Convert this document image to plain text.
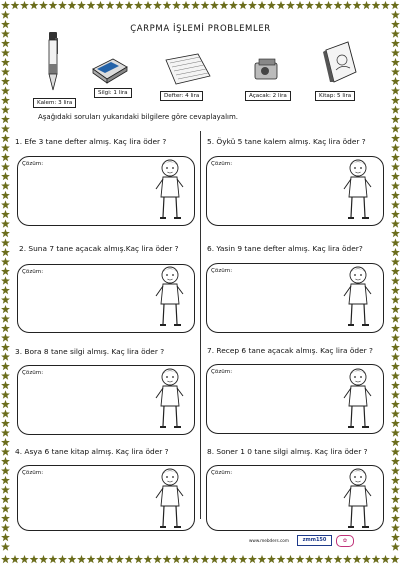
ÇARPMA İŞLEMİ PROBLEMLER
Kalem: 3 lira
Silgi: 1 lira	Defter: 4 lira	Açacak: 2 lira	Kitap: 5 lira
Aşağıdaki soruları yukarıdaki bilgilere göre cevaplayalım.
1. Efe 3 tane defter almış. Kaç lira öder ?
Çözüm:
2. Suna 7 tane açacak almış.Kaç lira öder ?
Çözüm:
3. Bora 8 tane silgi almış. Kaç lira öder ?
Çözüm:
4. Asya 6 tane kitap almış. Kaç lira öder ?
Çözüm:
5. Öykü 5 tane kalem almış. Kaç lira öder ?
Çözüm:
6. Yasin 9 tane defter almış. Kaç lira öder?
Çözüm:
7. Recep 6 tane açacak almış. Kaç lira öder ?
Çözüm:
8. Soner 1 0 tane silgi almış. Kaç lira öder ?
Çözüm:
www.mebders.com	zmm150	✿
